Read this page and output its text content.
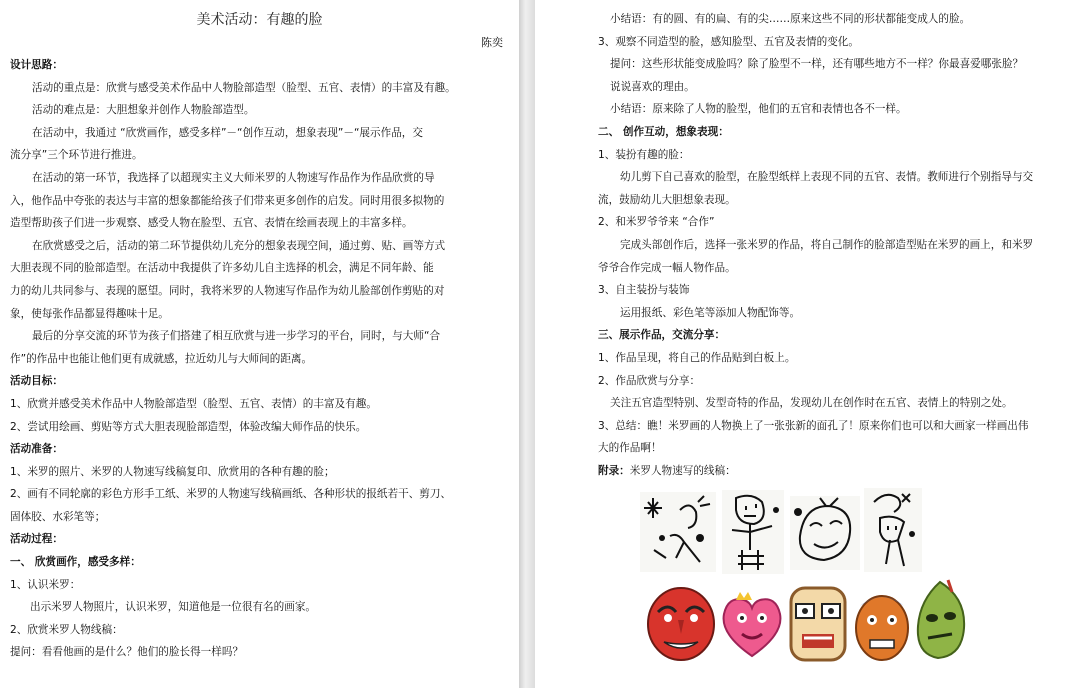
美术活动：有趣的脸
陈奕
设计思路：
活动的重点是：欣赏与感受美术作品中人物脸部造型（脸型、五官、表情）的丰富及有趣。
活动的难点是：大胆想象并创作人物脸部造型。
在活动中，我通过 “欣赏画作，感受多样”－“创作互动，想象表现”－“展示作品，交
流分享”三个环节进行推进。
在活动的第一环节，我选择了以超现实主义大师米罗的人物速写作品作为作品欣赏的导
入，他作品中夸张的表达与丰富的想象都能给孩子们带来更多创作的启发。同时用很多拟物的
造型帮助孩子们进一步观察、感受人物在脸型、五官、表情在绘画表现上的丰富多样。
在欣赏感受之后，活动的第二环节提供幼儿充分的想象表现空间，通过剪、贴、画等方式
大胆表现不同的脸部造型。在活动中我提供了许多幼儿自主选择的机会，满足不同年龄、能
力的幼儿共同参与、表现的愿望。同时，我将米罗的人物速写作品作为幼儿脸部创作剪贴的对
象，使每张作品都显得趣味十足。
最后的分享交流的环节为孩子们搭建了相互欣赏与进一步学习的平台，同时，与大师“合
作”的作品中也能让他们更有成就感，拉近幼儿与大师间的距离。
活动目标：
1、欣赏并感受美术作品中人物脸部造型（脸型、五官、表情）的丰富及有趣。
2、尝试用绘画、剪贴等方式大胆表现脸部造型，体验改编大师作品的快乐。
活动准备：
1、米罗的照片、米罗的人物速写线稿复印、欣赏用的各种有趣的脸；
2、画有不同轮廓的彩色方形手工纸、米罗的人物速写线稿画纸、各种形状的报纸若干、剪刀、
固体胶、水彩笔等；
活动过程：
一、 欣赏画作，感受多样：
1、认识米罗：
出示米罗人物照片，认识米罗，知道他是一位很有名的画家。
2、欣赏米罗人物线稿：
提问：看看他画的是什么？他们的脸长得一样吗？
小结语：有的圆、有的扁、有的尖……原来这些不同的形状都能变成人的脸。
3、观察不同造型的脸，感知脸型、五官及表情的变化。
提问：这些形状能变成脸吗？除了脸型不一样，还有哪些地方不一样？你最喜爱哪张脸？
说说喜欢的理由。
小结语：原来除了人物的脸型，他们的五官和表情也各不一样。
二、 创作互动，想象表现：
1、装扮有趣的脸：
幼儿剪下自己喜欢的脸型，在脸型纸样上表现不同的五官、表情。教师进行个别指导与交
流，鼓励幼儿大胆想象表现。
2、和米罗爷爷来 “合作”
完成头部创作后，选择一张米罗的作品，将自己制作的脸部造型贴在米罗的画上，和米罗
爷爷合作完成一幅人物作品。
3、自主装扮与装饰
运用报纸、彩色笔等添加人物配饰等。
三、展示作品，交流分享：
1、作品呈现，将自己的作品贴到白板上。
2、作品欣赏与分享：
关注五官造型特别、发型奇特的作品，发现幼儿在创作时在五官、表情上的特别之处。
3、总结：瞧！米罗画的人物换上了一张张新的面孔了！原来你们也可以和大画家一样画出伟
大的作品啊！
附录：米罗人物速写的线稿：
